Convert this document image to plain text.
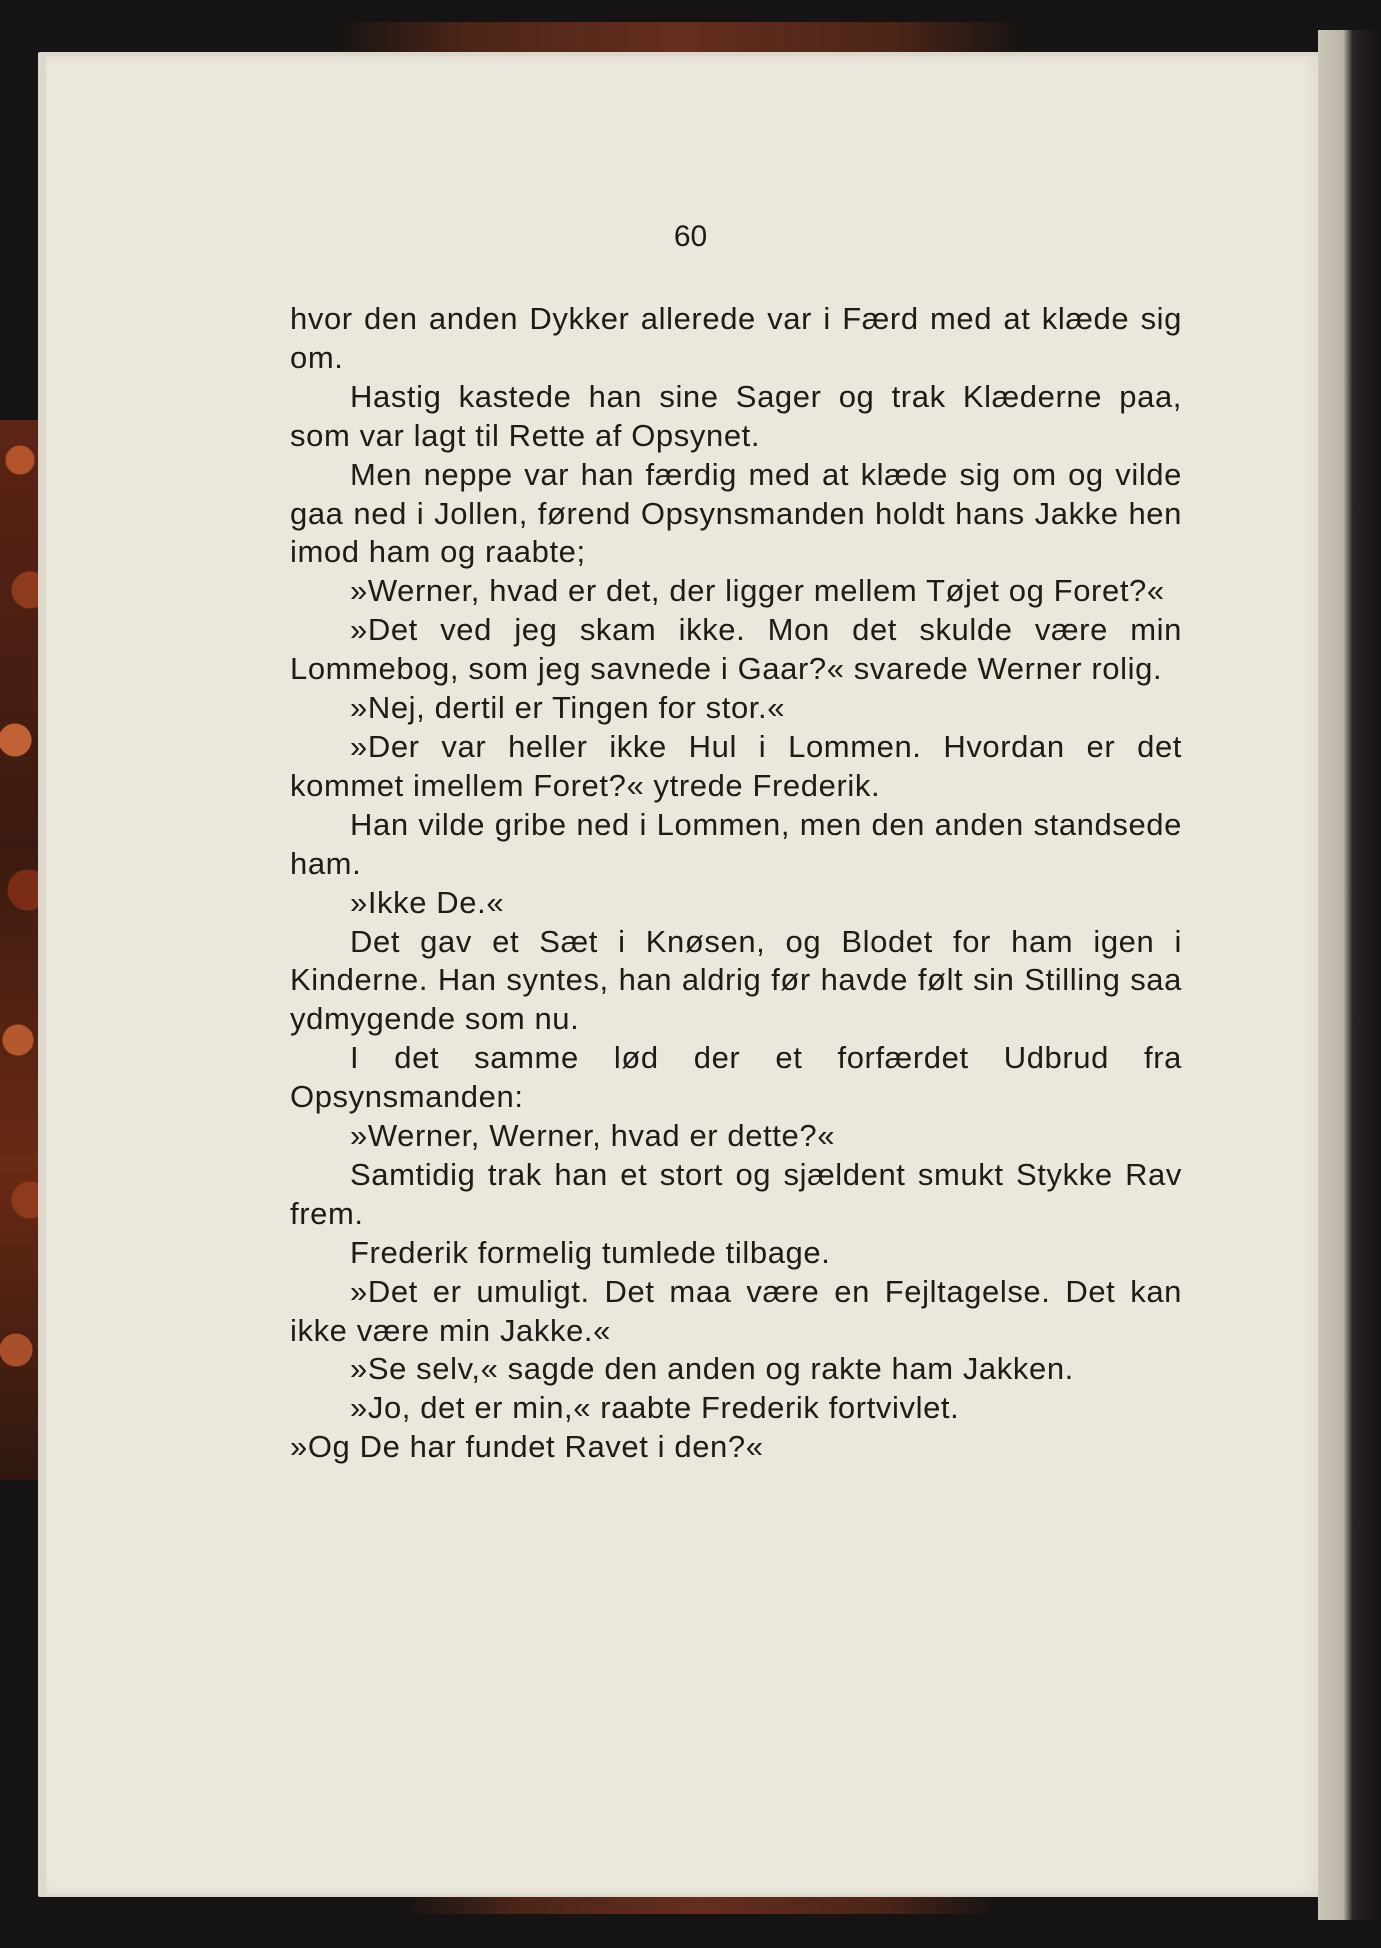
60

hvor den anden Dykker allerede var i Færd med at klæde sig om.

Hastig kastede han sine Sager og trak Klæderne paa, som var lagt til Rette af Opsynet.

Men neppe var han færdig med at klæde sig om og vilde gaa ned i Jollen, førend Opsynsmanden holdt hans Jakke hen imod ham og raabte;

»Werner, hvad er det, der ligger mellem Tøjet og Foret?«

»Det ved jeg skam ikke. Mon det skulde være min Lommebog, som jeg savnede i Gaar?« svarede Werner rolig.

»Nej, dertil er Tingen for stor.«

»Der var heller ikke Hul i Lommen. Hvordan er det kommet imellem Foret?« ytrede Frederik.

Han vilde gribe ned i Lommen, men den anden standsede ham.

»Ikke De.«

Det gav et Sæt i Knøsen, og Blodet for ham igen i Kinderne. Han syntes, han aldrig før havde følt sin Stilling saa ydmygende som nu.

I det samme lød der et forfærdet Udbrud fra Opsynsmanden:

»Werner, Werner, hvad er dette?«

Samtidig trak han et stort og sjældent smukt Stykke Rav frem.

Frederik formelig tumlede tilbage.

»Det er umuligt. Det maa være en Fejltagelse. Det kan ikke være min Jakke.«

»Se selv,« sagde den anden og rakte ham Jakken.

»Jo, det er min,« raabte Frederik fortvivlet.

»Og De har fundet Ravet i den?«
